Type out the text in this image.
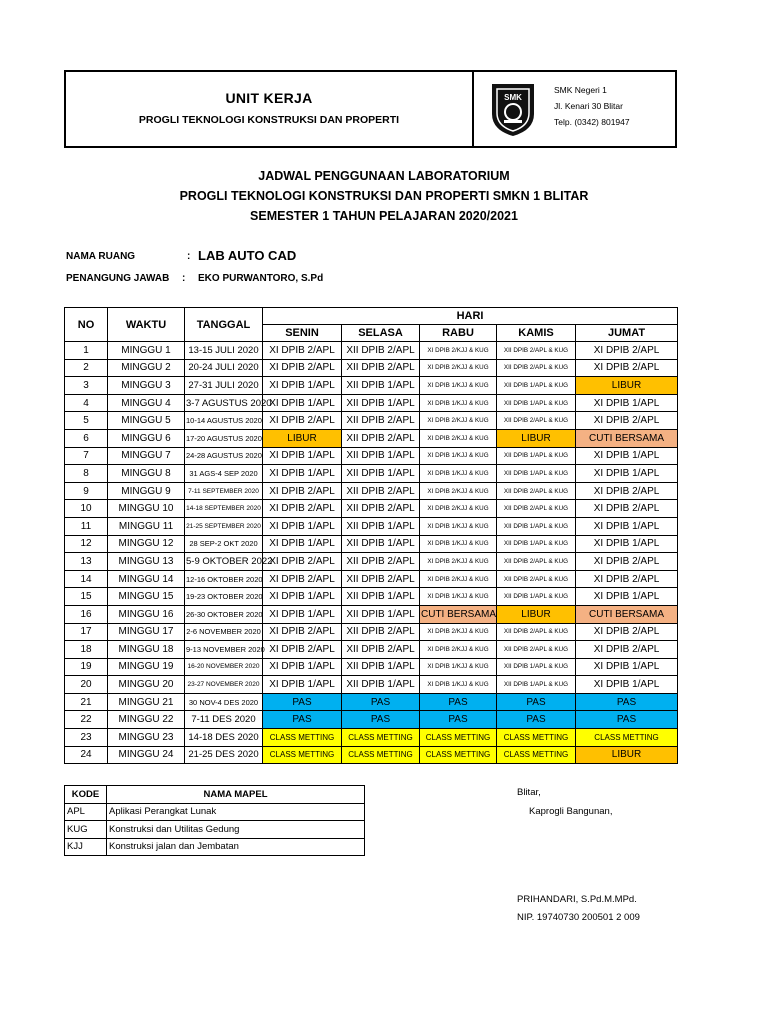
UNIT KERJA
PROGLI TEKNOLOGI KONSTRUKSI DAN PROPERTI
SMK
SMK Negeri 1
Jl. Kenari 30 Blitar
Telp. (0342) 801947
JADWAL PENGGUNAAN LABORATORIUM
PROGLI TEKNOLOGI KONSTRUKSI DAN PROPERTI SMKN 1 BLITAR
SEMESTER 1 TAHUN PELAJARAN 2020/2021
NAMA RUANG	: LAB AUTO CAD
PENANGUNG JAWAB : EKO PURWANTORO, S.Pd
NO	WAKTU	TANGGAL	HARI				
			SENIN	SELASA	RABU	KAMIS	JUMAT
1	MINGGU 1	13-15 JULI 2020	XI DPIB 2/APL	XII DPIB 2/APL	XI DPIB 2/KJJ & KUG	XII DPIB 2/APL & KUG	XI DPIB 2/APL
2	MINGGU 2	20-24 JULI 2020	XI DPIB 2/APL	XII DPIB 2/APL	XI DPIB 2/KJJ & KUG	XII DPIB 2/APL & KUG	XI DPIB 2/APL
3	MINGGU 3	27-31 JULI 2020	XI DPIB 1/APL	XII DPIB 1/APL	XI DPIB 1/KJJ & KUG	XII DPIB 1/APL & KUG	LIBUR
4	MINGGU 4	3-7 AGUSTUS 2020	XI DPIB 1/APL	XII DPIB 1/APL	XI DPIB 1/KJJ & KUG	XII DPIB 1/APL & KUG	XI DPIB 1/APL
5	MINGGU 5	10-14 AGUSTUS 2020	XI DPIB 2/APL	XII DPIB 2/APL	XI DPIB 2/KJJ & KUG	XII DPIB 2/APL & KUG	XI DPIB 2/APL
6	MINGGU 6	17-20 AGUSTUS 2020	LIBUR	XII DPIB 2/APL	XI DPIB 2/KJJ & KUG	LIBUR	CUTI BERSAMA
7	MINGGU 7	24-28 AGUSTUS 2020	XI DPIB 1/APL	XII DPIB 1/APL	XI DPIB 1/KJJ & KUG	XII DPIB 1/APL & KUG	XI DPIB 1/APL
8	MINGGU 8	31 AGS-4 SEP 2020	XI DPIB 1/APL	XII DPIB 1/APL	XI DPIB 1/KJJ & KUG	XII DPIB 1/APL & KUG	XI DPIB 1/APL
9	MINGGU 9	7-11 SEPTEMBER 2020	XI DPIB 2/APL	XII DPIB 2/APL	XI DPIB 2/KJJ & KUG	XII DPIB 2/APL & KUG	XI DPIB 2/APL
10	MINGGU 10	14-18 SEPTEMBER 2020	XI DPIB 2/APL	XII DPIB 2/APL	XI DPIB 2/KJJ & KUG	XII DPIB 2/APL & KUG	XI DPIB 2/APL
11	MINGGU 11	21-25 SEPTEMBER 2020	XI DPIB 1/APL	XII DPIB 1/APL	XI DPIB 1/KJJ & KUG	XII DPIB 1/APL & KUG	XI DPIB 1/APL
12	MINGGU 12	28 SEP-2 OKT 2020	XI DPIB 1/APL	XII DPIB 1/APL	XI DPIB 1/KJJ & KUG	XII DPIB 1/APL & KUG	XI DPIB 1/APL
13	MINGGU 13	5-9 OKTOBER 2022	XI DPIB 2/APL	XII DPIB 2/APL	XI DPIB 2/KJJ & KUG	XII DPIB 2/APL & KUG	XI DPIB 2/APL
14	MINGGU 14	12-16 OKTOBER 2020	XI DPIB 2/APL	XII DPIB 2/APL	XI DPIB 2/KJJ & KUG	XII DPIB 2/APL & KUG	XI DPIB 2/APL
15	MINGGU 15	19-23 OKTOBER 2020	XI DPIB 1/APL	XII DPIB 1/APL	XI DPIB 1/KJJ & KUG	XII DPIB 1/APL & KUG	XI DPIB 1/APL
16	MINGGU 16	26-30 OKTOBER 2020	XI DPIB 1/APL	XII DPIB 1/APL	CUTI BERSAMA	LIBUR	CUTI BERSAMA
17	MINGGU 17	2-6 NOVEMBER 2020	XI DPIB 2/APL	XII DPIB 2/APL	XI DPIB 2/KJJ & KUG	XII DPIB 2/APL & KUG	XI DPIB 2/APL
18	MINGGU 18	9-13 NOVEMBER 2020	XI DPIB 2/APL	XII DPIB 2/APL	XI DPIB 2/KJJ & KUG	XII DPIB 2/APL & KUG	XI DPIB 2/APL
19	MINGGU 19	16-20 NOVEMBER 2020	XI DPIB 1/APL	XII DPIB 1/APL	XI DPIB 1/KJJ & KUG	XII DPIB 1/APL & KUG	XI DPIB 1/APL
20	MINGGU 20	23-27 NOVEMBER 2020	XI DPIB 1/APL	XII DPIB 1/APL	XI DPIB 1/KJJ & KUG	XII DPIB 1/APL & KUG	XI DPIB 1/APL
21	MINGGU 21	30 NOV-4 DES 2020	PAS	PAS	PAS	PAS	PAS
22	MINGGU 22	7-11 DES 2020	PAS	PAS	PAS	PAS	PAS
23	MINGGU 23	14-18 DES 2020	CLASS METTING	CLASS METTING	CLASS METTING	CLASS METTING	CLASS METTING
24	MINGGU 24	21-25 DES 2020	CLASS METTING	CLASS METTING	CLASS METTING	CLASS METTING	LIBUR
KODE	NAMA MAPEL
APL	Aplikasi Perangkat Lunak
KUG	Konstruksi dan Utilitas Gedung
KJJ	Konstruksi jalan dan Jembatan
Blitar,
Kaprogli Bangunan,
PRIHANDARI, S.Pd.M.MPd.
NIP. 19740730 200501 2 009
